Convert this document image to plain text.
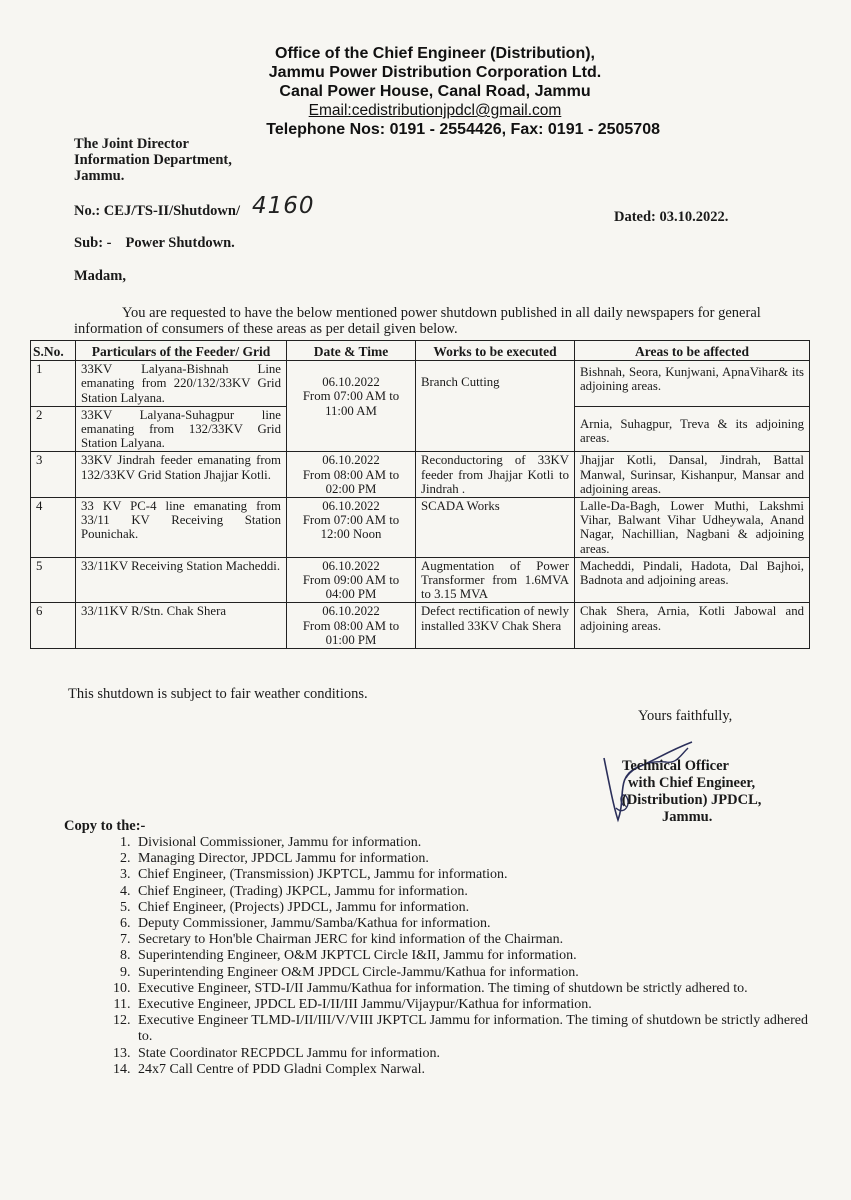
Office of the Chief Engineer (Distribution),
Jammu Power Distribution Corporation Ltd.
Canal Power House, Canal Road, Jammu
Email:cedistributionjpdcl@gmail.com
Telephone Nos: 0191 - 2554426, Fax: 0191 - 2505708
The Joint Director
Information Department,
Jammu.
No.: CEJ/TS-II/Shutdown/ 4160	Dated: 03.10.2022.
Sub: - Power Shutdown.
Madam,
You are requested to have the below mentioned power shutdown published in all daily newspapers for general information of consumers of these areas as per detail given below.
S.No.	Particulars of the Feeder/ Grid	Date & Time	Works to be executed	Areas to be affected
1	33KV Lalyana-Bishnah Line emanating from 220/132/33KV Grid Station Lalyana.	06.10.2022
From 07:00 AM to 11:00 AM	Branch Cutting	Bishnah, Seora, Kunjwani, ApnaVihar& its adjoining areas.
2	33KV Lalyana-Suhagpur line emanating from 132/33KV Grid Station Lalyana.			Arnia, Suhagpur, Treva & its adjoining areas.
3	33KV Jindrah feeder emanating from 132/33KV Grid Station Jhajjar Kotli.	06.10.2022
From 08:00 AM to 02:00 PM	Reconductoring of 33KV feeder from Jhajjar Kotli to Jindrah .	Jhajjar Kotli, Dansal, Jindrah, Battal Manwal, Surinsar, Kishanpur, Mansar and adjoining areas.
4	33 KV PC-4 line emanating from 33/11 KV Receiving Station Pounichak.	06.10.2022
From 07:00 AM to 12:00 Noon	SCADA Works	Lalle-Da-Bagh, Lower Muthi, Lakshmi Vihar, Balwant Vihar Udheywala, Anand Nagar, Nachillian, Nagbani & adjoining areas.
5	33/11KV Receiving Station Macheddi.	06.10.2022
From 09:00 AM to 04:00 PM	Augmentation of Power Transformer from 1.6MVA to 3.15 MVA	Macheddi, Pindali, Hadota, Dal Bajhoi, Badnota and adjoining areas.
6	33/11KV R/Stn. Chak Shera	06.10.2022
From 08:00 AM to 01:00 PM	Defect rectification of newly installed 33KV Chak Shera	Chak Shera, Arnia, Kotli Jabowal and adjoining areas.
This shutdown is subject to fair weather conditions.
Yours faithfully,
Technical Officer
with Chief Engineer,
(Distribution) JPDCL,
Jammu.
Copy to the:-
1. Divisional Commissioner, Jammu for information.
2. Managing Director, JPDCL Jammu for information.
3. Chief Engineer, (Transmission) JKPTCL, Jammu for information.
4. Chief Engineer, (Trading) JKPCL, Jammu for information.
5. Chief Engineer, (Projects) JPDCL, Jammu for information.
6. Deputy Commissioner, Jammu/Samba/Kathua for information.
7. Secretary to Hon'ble Chairman JERC for kind information of the Chairman.
8. Superintending Engineer, O&M JKPTCL Circle I&II, Jammu for information.
9. Superintending Engineer O&M JPDCL Circle-Jammu/Kathua for information.
10. Executive Engineer, STD-I/II Jammu/Kathua for information. The timing of shutdown be strictly adhered to.
11. Executive Engineer, JPDCL ED-I/II/III Jammu/Vijaypur/Kathua for information.
12. Executive Engineer TLMD-I/II/III/V/VIII JKPTCL Jammu for information. The timing of shutdown be strictly adhered to.
13. State Coordinator RECPDCL Jammu for information.
14. 24x7 Call Centre of PDD Gladni Complex Narwal.
